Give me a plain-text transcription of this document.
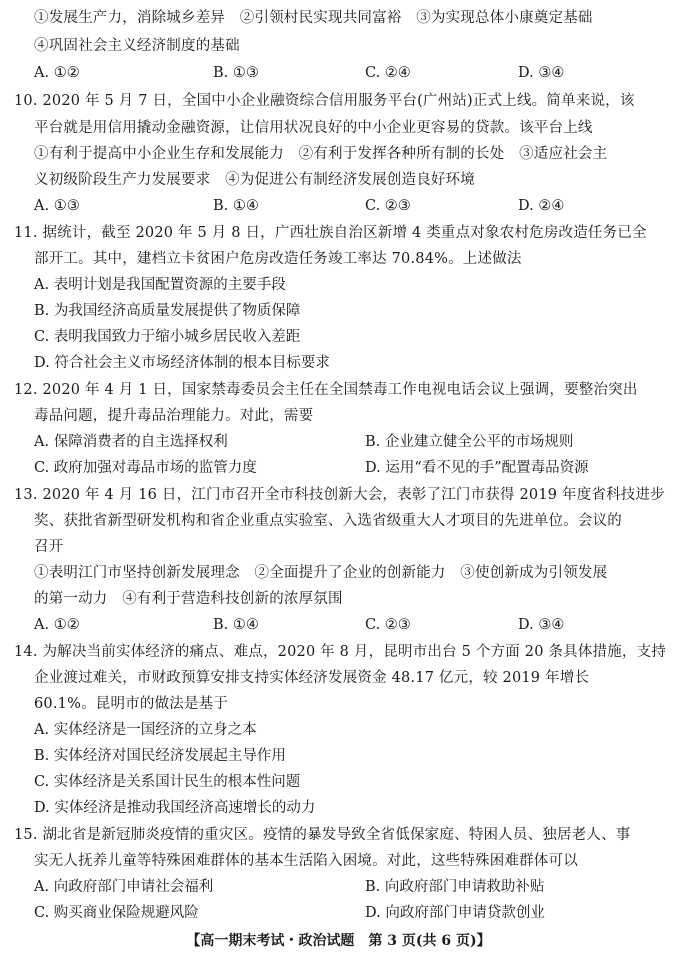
①发展生产力，消除城乡差异　②引领村民实现共同富裕　③为实现总体小康奠定基础
④巩固社会主义经济制度的基础
A. ①②	B. ①③	C. ②④	D. ③④
10. 2020 年 5 月 7 日，全国中小企业融资综合信用服务平台(广州站)正式上线。简单来说，该
平台就是用信用撬动金融资源，让信用状况良好的中小企业更容易的贷款。该平台上线
①有利于提高中小企业生存和发展能力　②有利于发挥各种所有制的长处　③适应社会主
义初级阶段生产力发展要求　④为促进公有制经济发展创造良好环境
A. ①③	B. ①④	C. ②③	D. ②④
11. 据统计，截至 2020 年 5 月 8 日，广西壮族自治区新增 4 类重点对象农村危房改造任务已全
部开工。其中，建档立卡贫困户危房改造任务竣工率达 70.84%。上述做法
A. 表明计划是我国配置资源的主要手段
B. 为我国经济高质量发展提供了物质保障
C. 表明我国致力于缩小城乡居民收入差距
D. 符合社会主义市场经济体制的根本目标要求
12. 2020 年 4 月 1 日，国家禁毒委员会主任在全国禁毒工作电视电话会议上强调，要整治突出
毒品问题，提升毒品治理能力。对此，需要
A. 保障消费者的自主选择权利	B. 企业建立健全公平的市场规则
C. 政府加强对毒品市场的监管力度	D. 运用“看不见的手”配置毒品资源
13. 2020 年 4 月 16 日，江门市召开全市科技创新大会，表彰了江门市获得 2019 年度省科技进步
奖、获批省新型研发机构和省企业重点实验室、入选省级重大人才项目的先进单位。会议的
召开
①表明江门市坚持创新发展理念　②全面提升了企业的创新能力　③使创新成为引领发展
的第一动力　④有利于营造科技创新的浓厚氛围
A. ①②	B. ①④	C. ②③	D. ③④
14. 为解决当前实体经济的痛点、难点，2020 年 8 月，昆明市出台 5 个方面 20 条具体措施，支持
企业渡过难关，市财政预算安排支持实体经济发展资金 48.17 亿元，较 2019 年增长
60.1%。昆明市的做法是基于
A. 实体经济是一国经济的立身之本
B. 实体经济对国民经济发展起主导作用
C. 实体经济是关系国计民生的根本性问题
D. 实体经济是推动我国经济高速增长的动力
15. 湖北省是新冠肺炎疫情的重灾区。疫情的暴发导致全省低保家庭、特困人员、独居老人、事
实无人抚养儿童等特殊困难群体的基本生活陷入困境。对此，这些特殊困难群体可以
A. 向政府部门申请社会福利	B. 向政府部门申请救助补贴
C. 购买商业保险规避风险	D. 向政府部门申请贷款创业
【高一期末考试・政治试题　第 3 页(共 6 页)】
